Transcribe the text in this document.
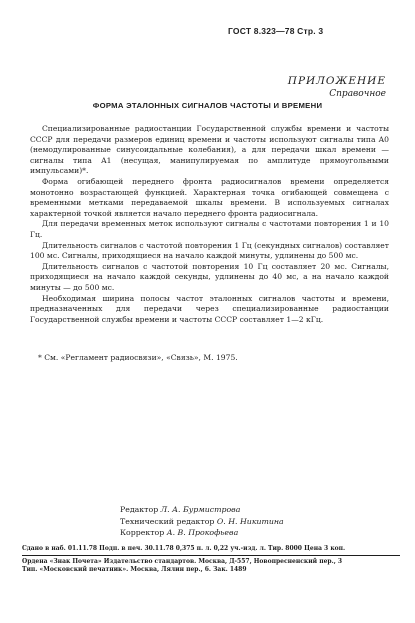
ГОСТ 8.323—78 Стр. 3
ПРИЛОЖЕНИЕ
Справочное
ФОРМА ЭТАЛОННЫХ СИГНАЛОВ ЧАСТОТЫ И ВРЕМЕНИ

Специализированные радиостанции Государственной службы времени и частоты СССР для передачи размеров единиц времени и частоты используют сигналы типа A0 (немодулированные синусоидальные колебания), а для передачи шкал времени — сигналы типа A1 (несущая, манипулируемая по амплитуде прямоугольными импульсами)*.

Форма огибающей переднего фронта радиосигналов времени определяется монотонно возрастающей функцией. Характерная точка огибающей совмещена с временными метками передаваемой шкалы времени. В используемых сигналах характерной точкой является начало переднего фронта радиосигнала.

Для передачи временных меток используют сигналы с частотами повторения 1 и 10 Гц.

Длительность сигналов с частотой повторения 1 Гц (секундных сигналов) составляет 100 мс. Сигналы, приходящиеся на начало каждой минуты, удлинены до 500 мс.

Длительность сигналов с частотой повторения 10 Гц составляет 20 мс. Сигналы, приходящиеся на начало каждой секунды, удлинены до 40 мс, а на начало каждой минуты — до 500 мс.

Необходимая ширина полосы частот эталонных сигналов частоты и времени, предназначенных для передачи через специализированные радиостанции Государственной службы времени и частоты СССР составляет 1—2 кГц.

* См. «Регламент радиосвязи», «Связь», М. 1975.

Редактор Л. А. Бурмистрова
Технический редактор О. Н. Никитина
Корректор А. В. Прокофьева
Сдано в наб. 01.11.78 Подп. в печ. 30.11.78 0,375 п. л. 0,22 уч.-изд. л. Тир. 8000 Цена 3 коп.
Ордена «Знак Почета» Издательство стандартов. Москва, Д-557, Новопресненский пер., 3
Тип. «Московский печатник». Москва, Лялин пер., 6. Зак. 1489
